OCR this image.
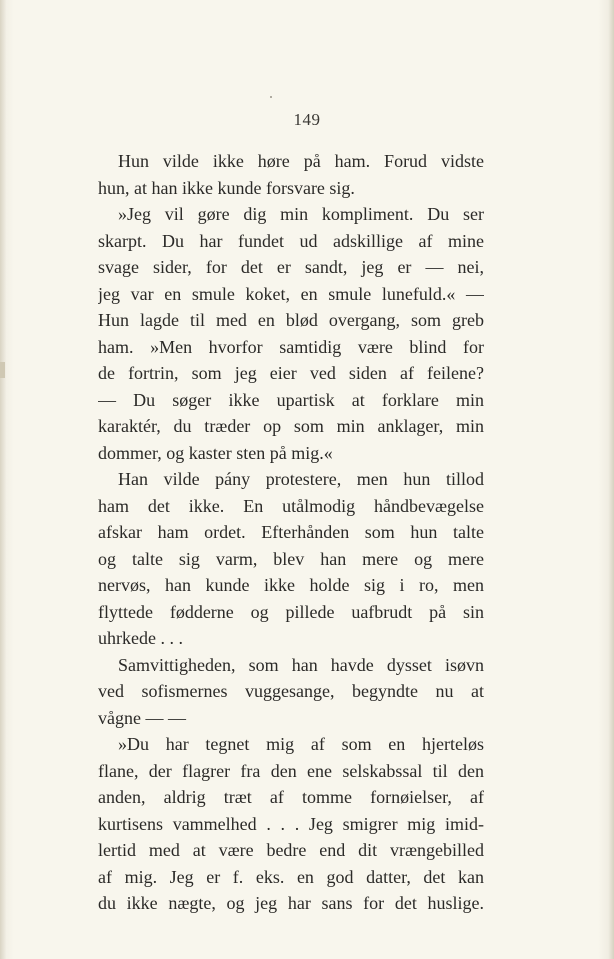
149
Hun vilde ikke høre på ham. Forud vidste
hun, at han ikke kunde forsvare sig.
»Jeg vil gøre dig min kompliment. Du ser
skarpt. Du har fundet ud adskillige af mine
svage sider, for det er sandt, jeg er — nei,
jeg var en smule koket, en smule lunefuld.« —
Hun lagde til med en blød overgang, som greb
ham. »Men hvorfor samtidig være blind for
de fortrin, som jeg eier ved siden af feilene?
— Du søger ikke upartisk at forklare min
karaktér, du træder op som min anklager, min
dommer, og kaster sten på mig.«
Han vilde pány protestere, men hun tillod
ham det ikke. En utålmodig håndbevægelse
afskar ham ordet. Efterhånden som hun talte
og talte sig varm, blev han mere og mere
nervøs, han kunde ikke holde sig i ro, men
flyttede fødderne og pillede uafbrudt på sin
uhrkede . . .
Samvittigheden, som han havde dysset isøvn
ved sofismernes vuggesange, begyndte nu at
vågne — —
»Du har tegnet mig af som en hjerteløs
flane, der flagrer fra den ene selskabssal til den
anden, aldrig træt af tomme fornøielser, af
kurtisens vammelhed . . . Jeg smigrer mig imid-
lertid med at være bedre end dit vrængebilled
af mig. Jeg er f. eks. en god datter, det kan
du ikke nægte, og jeg har sans for det huslige.
